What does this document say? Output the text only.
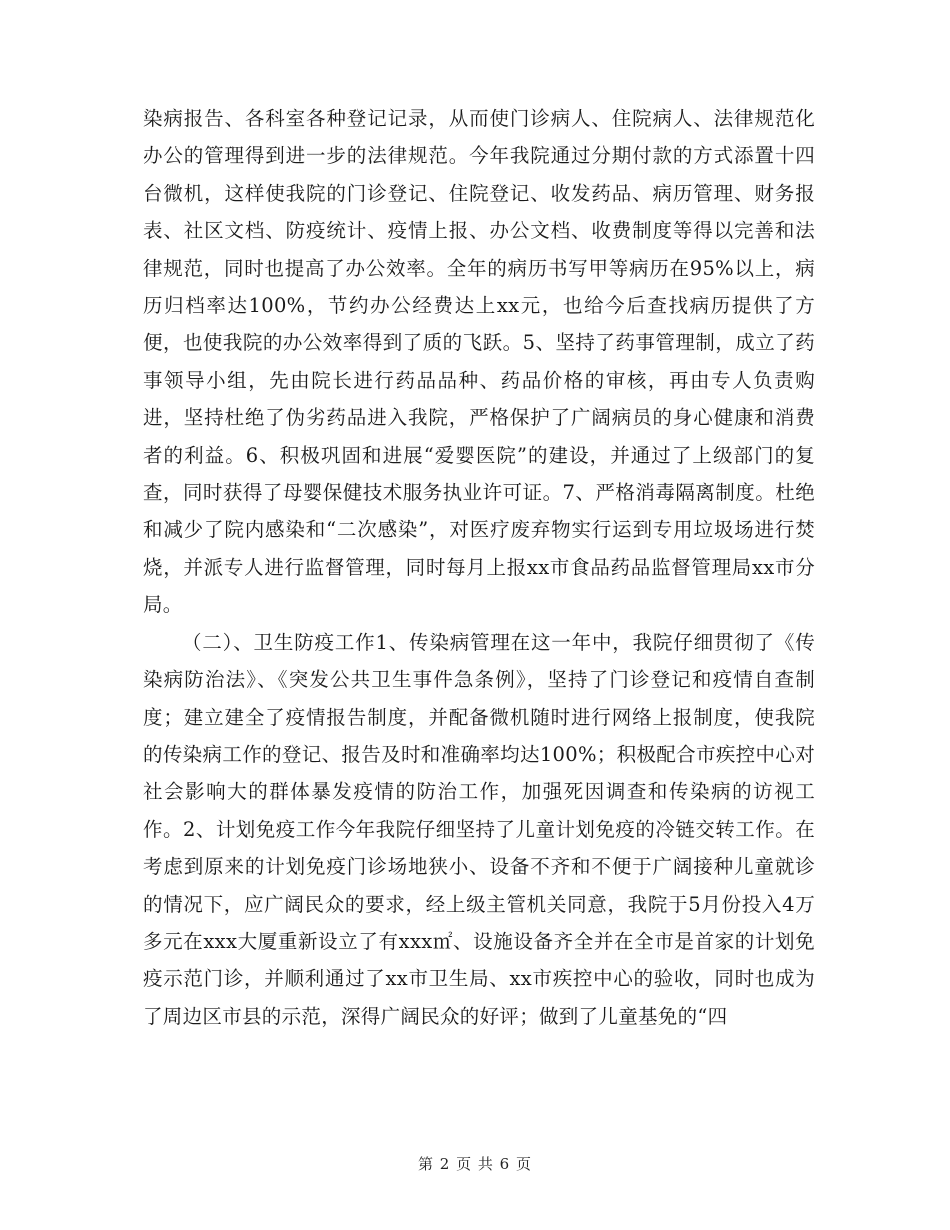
染病报告、各科室各种登记记录，从而使门诊病人、住院病人、法律规范化办公的管理得到进一步的法律规范。今年我院通过分期付款的方式添置十四台微机，这样使我院的门诊登记、住院登记、收发药品、病历管理、财务报表、社区文档、防疫统计、疫情上报、办公文档、收费制度等得以完善和法律规范，同时也提高了办公效率。全年的病历书写甲等病历在95%以上，病历归档率达100%，节约办公经费达上xx元，也给今后查找病历提供了方便，也使我院的办公效率得到了质的飞跃。5、坚持了药事管理制，成立了药事领导小组，先由院长进行药品品种、药品价格的审核，再由专人负责购进，坚持杜绝了伪劣药品进入我院，严格保护了广阔病员的身心健康和消费者的利益。6、积极巩固和进展“爱婴医院”的建设，并通过了上级部门的复查，同时获得了母婴保健技术服务执业许可证。7、严格消毒隔离制度。杜绝和减少了院内感染和“二次感染”，对医疗废弃物实行运到专用垃圾场进行焚烧，并派专人进行监督管理，同时每月上报xx市食品药品监督管理局xx市分局。

（二）、卫生防疫工作1、传染病管理在这一年中，我院仔细贯彻了《传染病防治法》、《突发公共卫生事件急条例》，坚持了门诊登记和疫情自查制度；建立建全了疫情报告制度，并配备微机随时进行网络上报制度，使我院的传染病工作的登记、报告及时和准确率均达100%；积极配合市疾控中心对社会影响大的群体暴发疫情的防治工作，加强死因调查和传染病的访视工作。2、计划免疫工作今年我院仔细坚持了儿童计划免疫的冷链交转工作。在考虑到原来的计划免疫门诊场地狭小、设备不齐和不便于广阔接种儿童就诊的情况下，应广阔民众的要求，经上级主管机关同意，我院于5月份投入4万多元在xxx大厦重新设立了有xxx㎡、设施设备齐全并在全市是首家的计划免疫示范门诊，并顺利通过了xx市卫生局、xx市疾控中心的验收，同时也成为了周边区市县的示范，深得广阔民众的好评；做到了儿童基免的“四

第 2 页 共 6 页
